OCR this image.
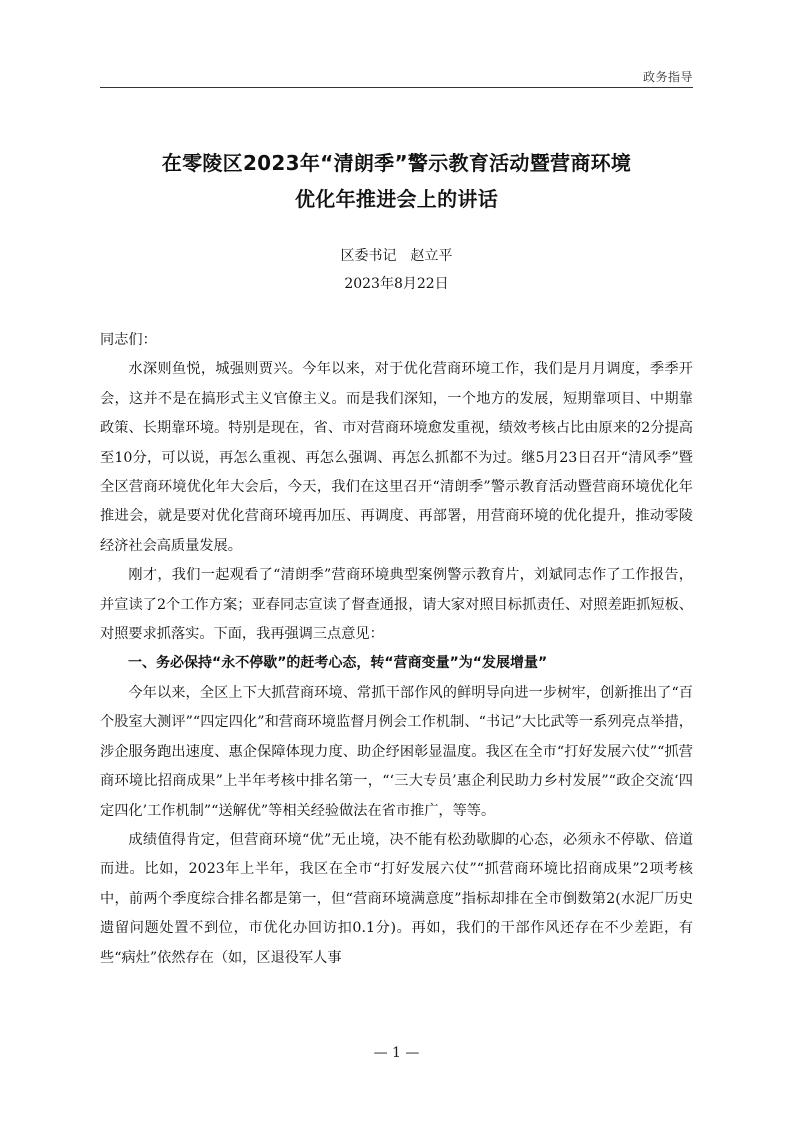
政务指导
在零陵区2023年“清朗季”警示教育活动暨营商环境
优化年推进会上的讲话
区委书记　赵立平
2023年8月22日

同志们：

水深则鱼悦，城强则贾兴。今年以来，对于优化营商环境工作，我们是月月调度，季季开会，这并不是在搞形式主义官僚主义。而是我们深知，一个地方的发展，短期靠项目、中期靠政策、长期靠环境。特别是现在，省、市对营商环境愈发重视，绩效考核占比由原来的2分提高至10分，可以说，再怎么重视、再怎么强调、再怎么抓都不为过。继5月23日召开“清风季”暨全区营商环境优化年大会后，今天，我们在这里召开“清朗季”警示教育活动暨营商环境优化年推进会，就是要对优化营商环境再加压、再调度、再部署，用营商环境的优化提升，推动零陵经济社会高质量发展。

刚才，我们一起观看了“清朗季”营商环境典型案例警示教育片，刘斌同志作了工作报告，并宣读了2个工作方案；亚春同志宣读了督查通报，请大家对照目标抓责任、对照差距抓短板、对照要求抓落实。下面，我再强调三点意见：

一、务必保持“永不停歇”的赶考心态，转“营商变量”为“发展增量”

今年以来，全区上下大抓营商环境、常抓干部作风的鲜明导向进一步树牢，创新推出了“百个股室大测评”“四定四化”和营商环境监督月例会工作机制、“书记”大比武等一系列亮点举措，涉企服务跑出速度、惠企保障体现力度、助企纾困彰显温度。我区在全市“打好发展六仗”“抓营商环境比招商成果”上半年考核中排名第一，“‘三大专员’惠企利民助力乡村发展”“政企交流‘四定四化’工作机制”“送解优”等相关经验做法在省市推广，等等。

成绩值得肯定，但营商环境“优”无止境，决不能有松劲歇脚的心态，必须永不停歇、倍道而进。比如，2023年上半年，我区在全市“打好发展六仗”“抓营商环境比招商成果”2项考核中，前两个季度综合排名都是第一，但“营商环境满意度”指标却排在全市倒数第2(水泥厂历史遗留问题处置不到位，市优化办回访扣0.1分)。再如，我们的干部作风还存在不少差距，有些“病灶”依然存在（如，区退役军人事

— 1 —
